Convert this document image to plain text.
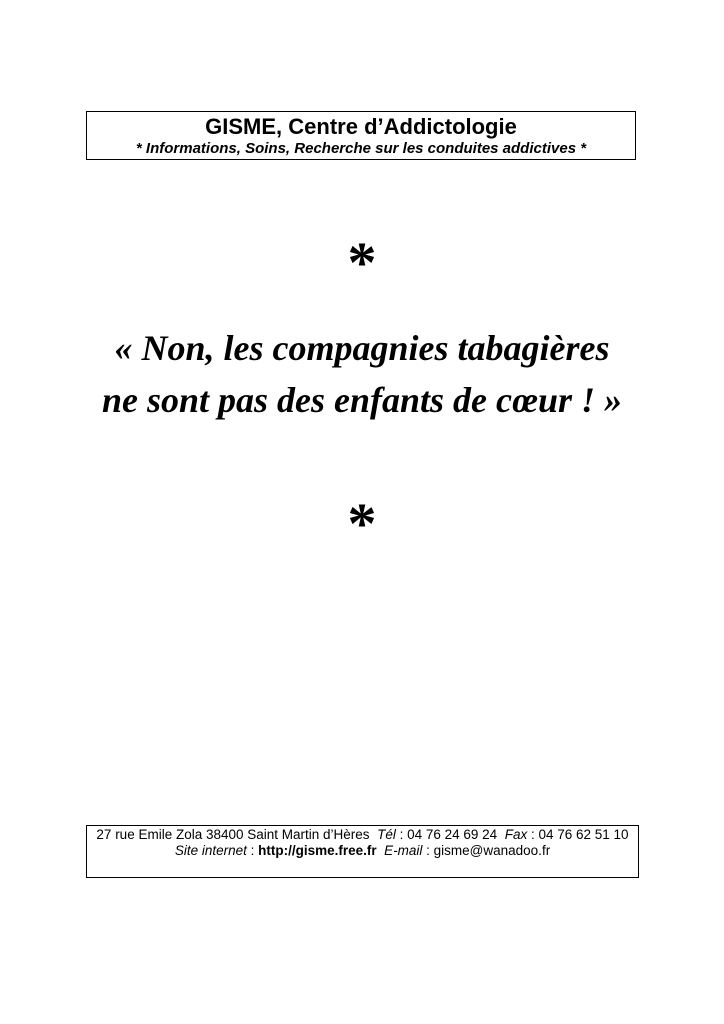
GISME, Centre d’Addictologie
* Informations, Soins, Recherche sur les conduites addictives *
*
« Non, les compagnies tabagières
ne sont pas des enfants de cœur ! »
*
27 rue Emile Zola 38400 Saint Martin d’Hères Tél : 04 76 24 69 24 Fax : 04 76 62 51 10
Site internet : http://gisme.free.fr E-mail : gisme@wanadoo.fr
